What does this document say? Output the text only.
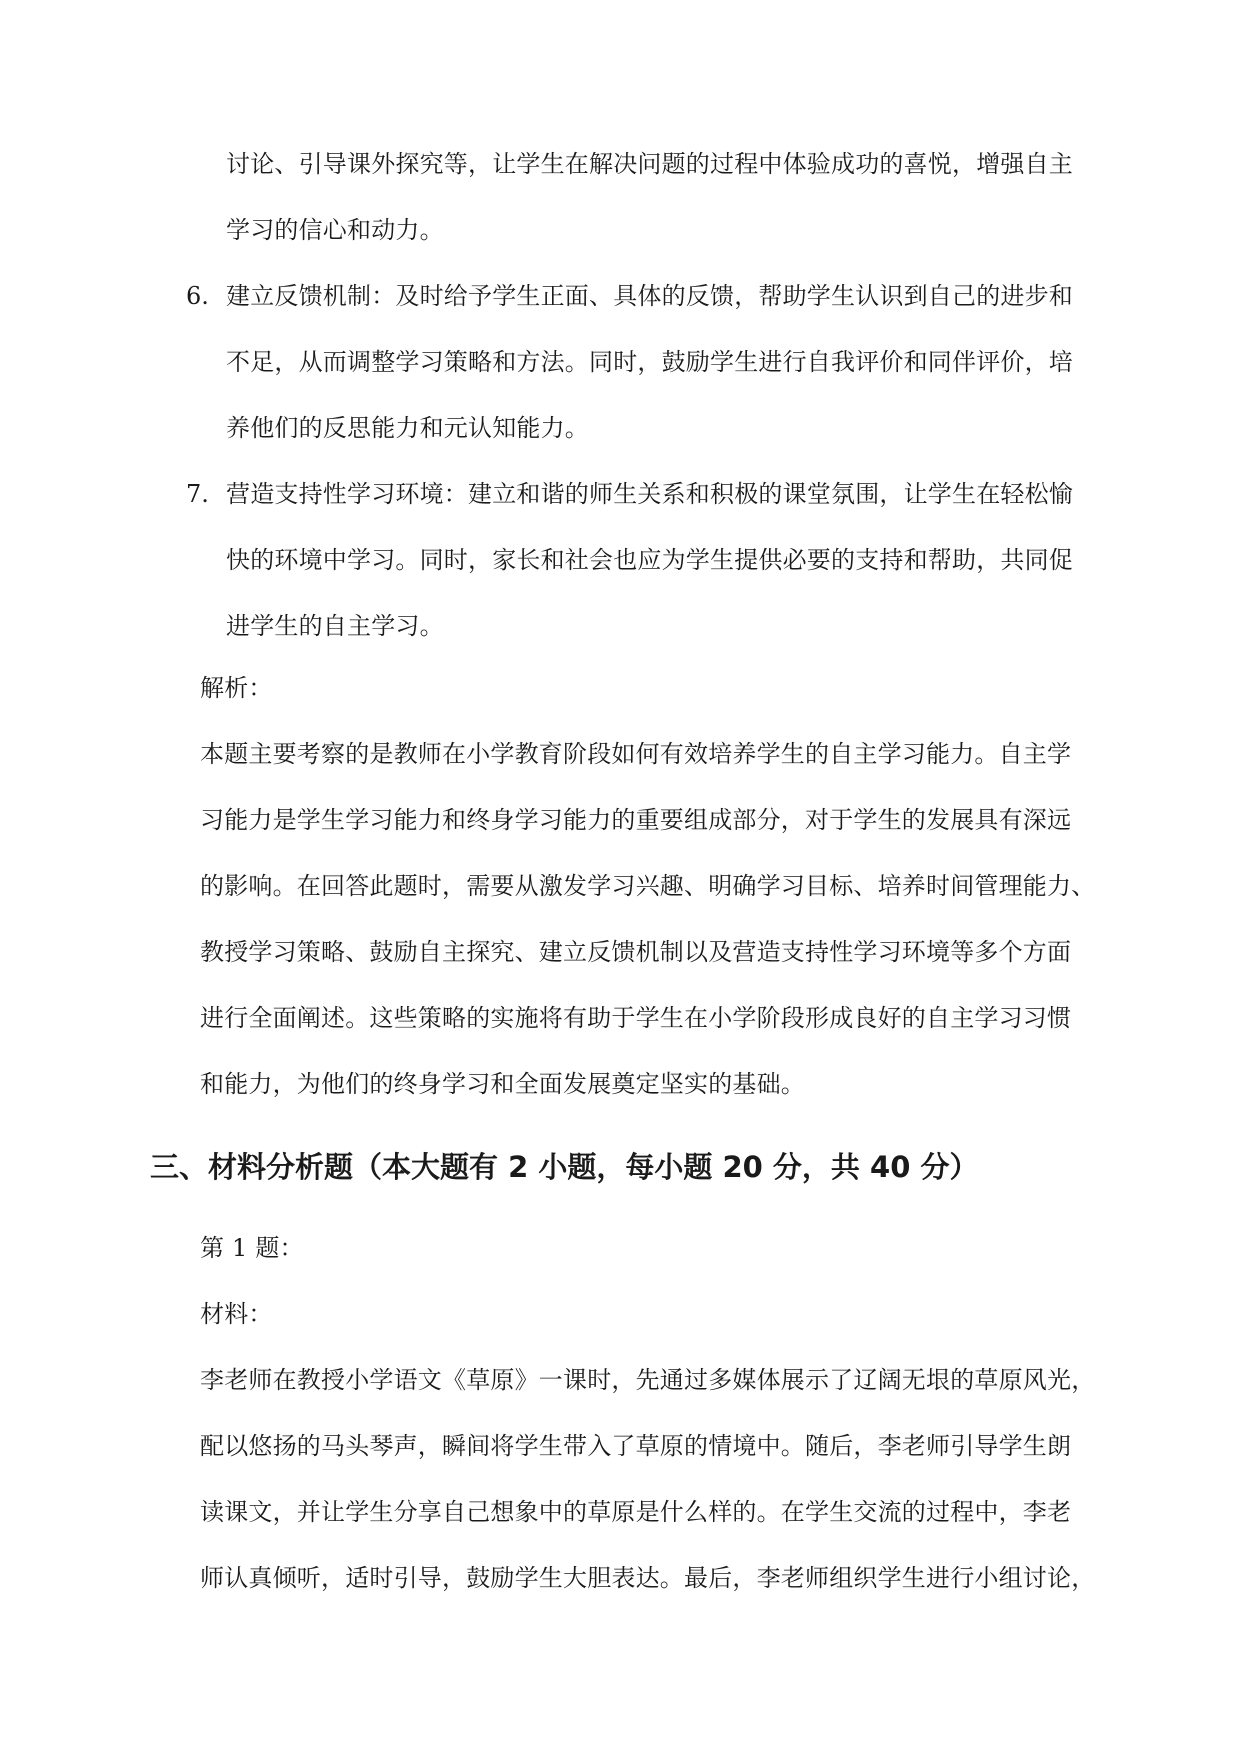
讨论、引导课外探究等，让学生在解决问题的过程中体验成功的喜悦，增强自主
学习的信心和动力。
6. 建立反馈机制：及时给予学生正面、具体的反馈，帮助学生认识到自己的进步和
不足，从而调整学习策略和方法。同时，鼓励学生进行自我评价和同伴评价，培
养他们的反思能力和元认知能力。
7. 营造支持性学习环境：建立和谐的师生关系和积极的课堂氛围，让学生在轻松愉
快的环境中学习。同时，家长和社会也应为学生提供必要的支持和帮助，共同促
进学生的自主学习。
解析：
本题主要考察的是教师在小学教育阶段如何有效培养学生的自主学习能力。自主学
习能力是学生学习能力和终身学习能力的重要组成部分，对于学生的发展具有深远
的影响。在回答此题时，需要从激发学习兴趣、明确学习目标、培养时间管理能力、
教授学习策略、鼓励自主探究、建立反馈机制以及营造支持性学习环境等多个方面
进行全面阐述。这些策略的实施将有助于学生在小学阶段形成良好的自主学习习惯
和能力，为他们的终身学习和全面发展奠定坚实的基础。
三、材料分析题（本大题有 2 小题，每小题 20 分，共 40 分）
第 1 题：
材料：
李老师在教授小学语文《草原》一课时，先通过多媒体展示了辽阔无垠的草原风光，
配以悠扬的马头琴声，瞬间将学生带入了草原的情境中。随后，李老师引导学生朗
读课文，并让学生分享自己想象中的草原是什么样的。在学生交流的过程中，李老
师认真倾听，适时引导，鼓励学生大胆表达。最后，李老师组织学生进行小组讨论，
